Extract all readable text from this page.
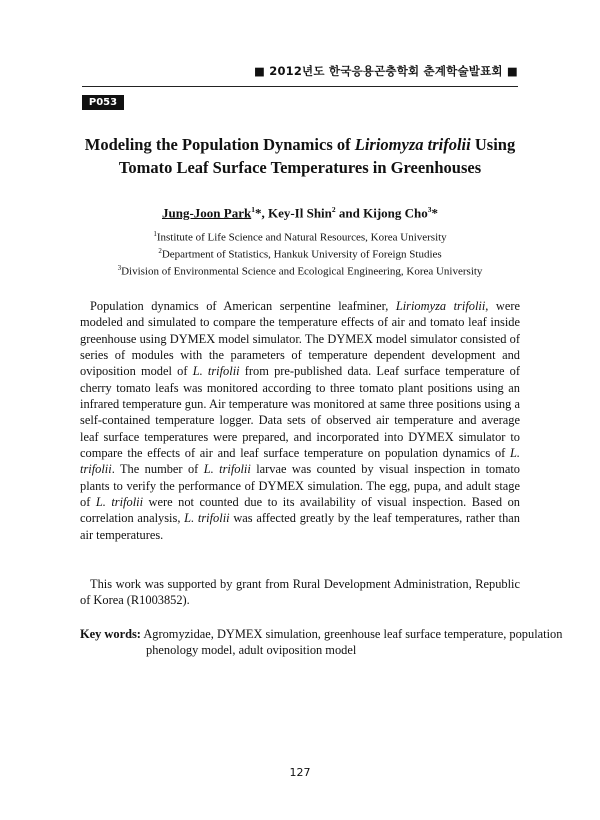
■ 2012년도 한국응용곤충학회 춘계학술발표회 ■
P053
Modeling the Population Dynamics of Liriomyza trifolii Using Tomato Leaf Surface Temperatures in Greenhouses
Jung-Joon Park$^1$*, Key-Il Shin$^2$ and Kijong Cho$^3$*
$^1$Institute of Life Science and Natural Resources, Korea University
$^2$Department of Statistics, Hankuk University of Foreign Studies
$^3$Division of Environmental Science and Ecological Engineering, Korea University

Population dynamics of American serpentine leafminer, Liriomyza trifolii, were modeled and simulated to compare the temperature effects of air and tomato leaf inside greenhouse using DYMEX model simulator. The DYMEX model simulator consisted of series of modules with the parameters of temperature dependent development and oviposition model of L. trifolii from pre-published data. Leaf surface temperature of cherry tomato leafs was monitored according to three tomato plant positions using an infrared temperature gun. Air temperature was monitored at same three positions using a self-contained temperature logger. Data sets of observed air temperature and average leaf surface temperatures were prepared, and incorporated into DYMEX simulator to compare the effects of air and leaf surface temperature on population dynamics of L. trifolii. The number of L. trifolii larvae was counted by visual inspection in tomato plants to verify the performance of DYMEX simulation. The egg, pupa, and adult stage of L. trifolii were not counted due to its availability of visual inspection. Based on correlation analysis, L. trifolii was affected greatly by the leaf temperatures, rather than air temperatures.

This work was supported by grant from Rural Development Administration, Republic of Korea (R1003852).

Key words: Agromyzidae, DYMEX simulation, greenhouse leaf surface temperature, population phenology model, adult oviposition model

127
